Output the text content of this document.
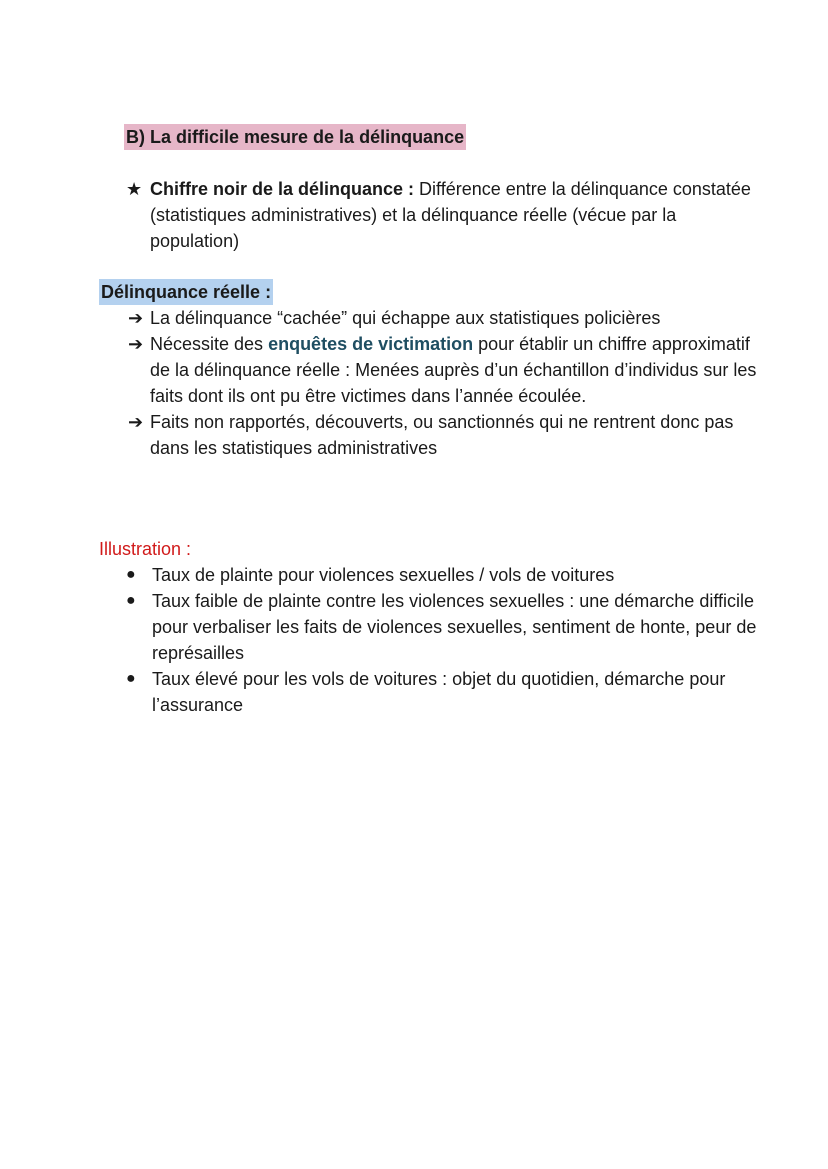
B) La difficile mesure de la délinquance
★ Chiffre noir de la délinquance : Différence entre la délinquance constatée (statistiques administratives) et la délinquance réelle (vécue par la population)
Délinquance réelle :
➔ La délinquance “cachée” qui échappe aux statistiques policières
➔ Nécessite des enquêtes de victimation pour établir un chiffre approximatif de la délinquance réelle : Menées auprès d’un échantillon d’individus sur les faits dont ils ont pu être victimes dans l’année écoulée.
➔ Faits non rapportés, découverts, ou sanctionnés qui ne rentrent donc pas dans les statistiques administratives
Illustration :
● Taux de plainte pour violences sexuelles / vols de voitures
● Taux faible de plainte contre les violences sexuelles : une démarche difficile pour verbaliser les faits de violences sexuelles, sentiment de honte, peur de représailles
● Taux élevé pour les vols de voitures : objet du quotidien, démarche pour l’assurance
